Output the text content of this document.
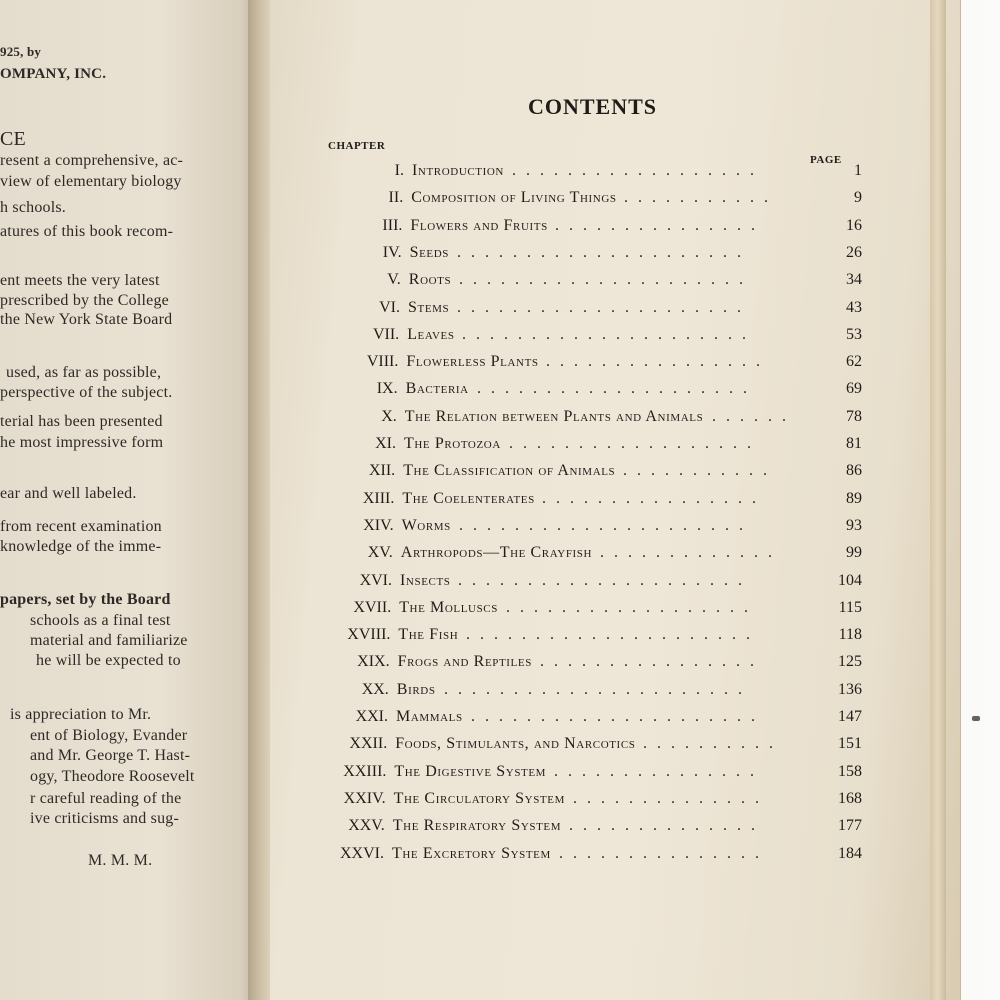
925, by
OMPANY, INC.
CE
resent a comprehensive, ac-
view of elementary biology
h schools.
atures of this book recom-
ent meets the very latest
prescribed by the College
the New York State Board
used, as far as possible,
perspective of the subject.
terial has been presented
he most impressive form
ear and well labeled.
from recent examination
knowledge of the imme-
papers, set by the Board
schools as a final test
material and familiarize
he will be expected to
is appreciation to Mr.
ent of Biology, Evander
and Mr. George T. Hast-
ogy, Theodore Roosevelt
r careful reading of the
ive criticisms and sug-
M. M. M.
CONTENTS
CHAPTER
PAGE
I. Introduction ..................	1
II. Composition of Living Things ...........	9
III. Flowers and Fruits ...............	16
IV. Seeds .....................	26
V. Roots .....................	34
VI. Stems .....................	43
VII. Leaves .....................	53
VIII. Flowerless Plants ................	62
IX. Bacteria ....................	69
X. The Relation between Plants and Animals ......	78
XI. The Protozoa ..................	81
XII. The Classification of Animals ...........	86
XIII. The Coelenterates ................	89
XIV. Worms .....................	93
XV. Arthropods—The Crayfish .............	99
XVI. Insects .....................	104
XVII. The Molluscs ..................	115
XVIII. The Fish .....................	118
XIX. Frogs and Reptiles ................	125
XX. Birds ......................	136
XXI. Mammals .....................	147
XXII. Foods, Stimulants, and Narcotics ..........	151
XXIII. The Digestive System ...............	158
XXIV. The Circulatory System ..............	168
XXV. The Respiratory System ..............	177
XXVI. The Excretory System ...............	184
